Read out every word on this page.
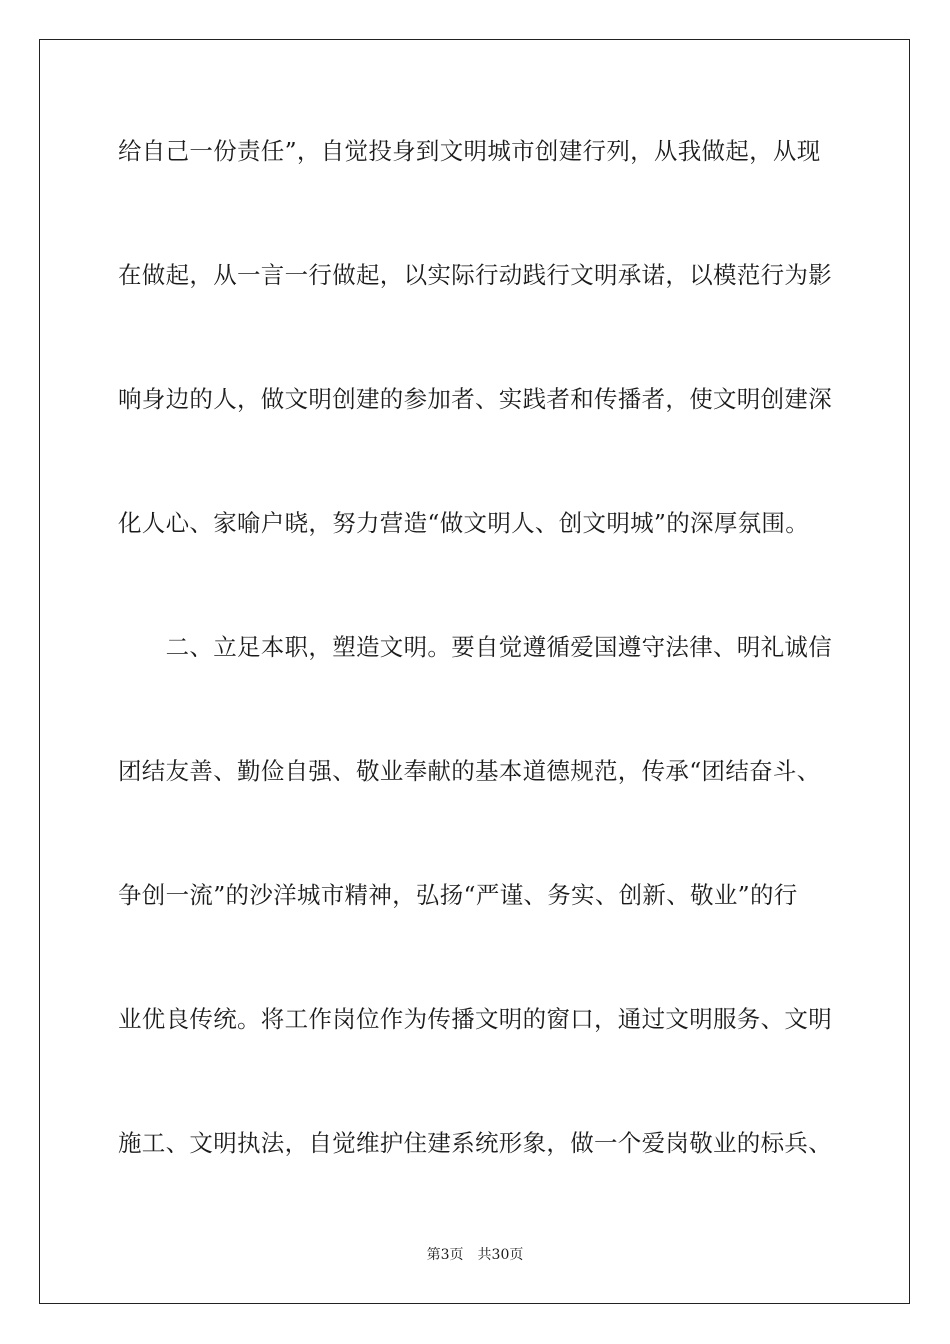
给自己一份责任”，自觉投身到文明城市创建行列，从我做起，从现
在做起，从一言一行做起，以实际行动践行文明承诺，以模范行为影
响身边的人，做文明创建的参加者、实践者和传播者，使文明创建深
化人心、家喻户晓，努力营造“做文明人、创文明城”的深厚氛围。
　　二、立足本职，塑造文明。要自觉遵循爱国遵守法律、明礼诚信
团结友善、勤俭自强、敬业奉献的基本道德规范，传承“团结奋斗、
争创一流”的沙洋城市精神，弘扬“严谨、务实、创新、敬业”的行
业优良传统。将工作岗位作为传播文明的窗口，通过文明服务、文明
施工、文明执法，自觉维护住建系统形象，做一个爱岗敬业的标兵、
第3页 共30页
